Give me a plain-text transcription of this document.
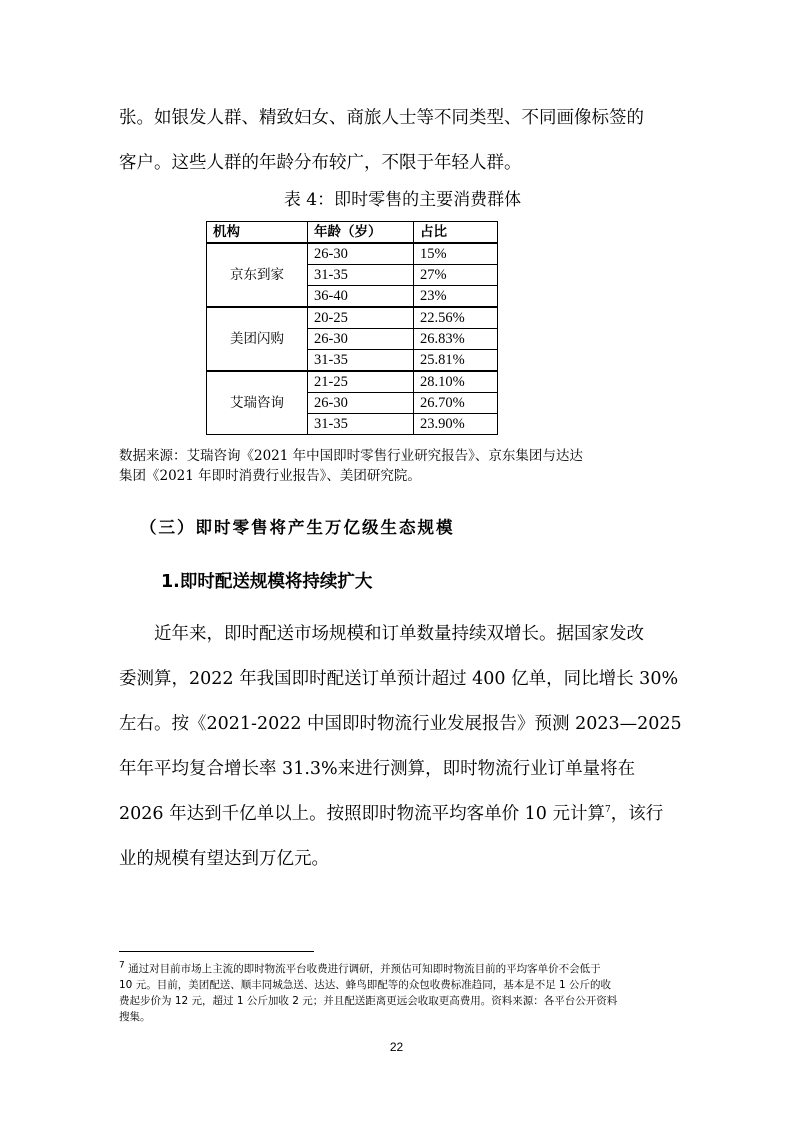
张。如银发人群、精致妇女、商旅人士等不同类型、不同画像标签的
客户。这些人群的年龄分布较广，不限于年轻人群。

表 4：即时零售的主要消费群体
机构	年龄（岁）	占比
京东到家	26-30	15%
	31-35	27%
	36-40	23%
美团闪购	20-25	22.56%
	26-30	26.83%
	31-35	25.81%
艾瑞咨询	21-25	28.10%
	26-30	26.70%
	31-35	23.90%

数据来源：艾瑞咨询《2021 年中国即时零售行业研究报告》、京东集团与达达
集团《2021 年即时消费行业报告》、美团研究院。

（三）即时零售将产生万亿级生态规模
1.即时配送规模将持续扩大

近年来，即时配送市场规模和订单数量持续双增长。据国家发改
委测算，2022 年我国即时配送订单预计超过 400 亿单，同比增长 30%
左右。按《2021-2022 中国即时物流行业发展报告》预测 2023—2025
年年平均复合增长率 31.3%来进行测算，即时物流行业订单量将在
2026 年达到千亿单以上。按照即时物流平均客单价 10 元计算$^7$，该行
业的规模有望达到万亿元。

$^7$ 通过对目前市场上主流的即时物流平台收费进行调研，并预估可知即时物流目前的平均客单价不会低于
10 元。目前，美团配送、顺丰同城急送、达达、蜂鸟即配等的众包收费标准趋同，基本是不足 1 公斤的收
费起步价为 12 元，超过 1 公斤加收 2 元；并且配送距离更远会收取更高费用。资料来源：各平台公开资料
搜集。

22
